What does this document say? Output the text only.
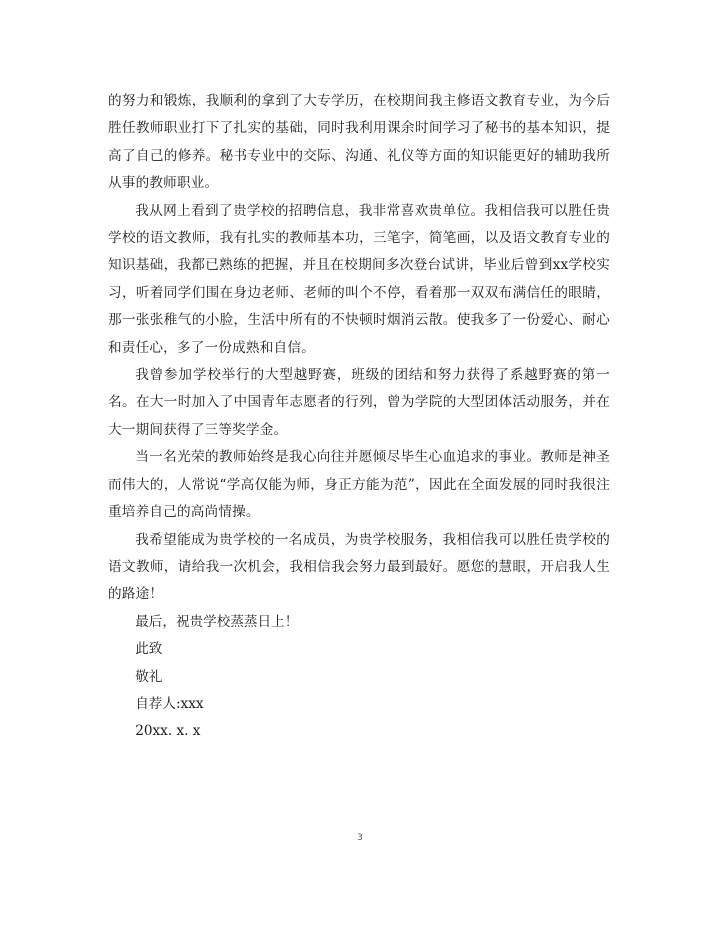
的努力和锻炼，我顺利的拿到了大专学历，在校期间我主修语文教育专业，为今后胜任教师职业打下了扎实的基础，同时我利用课余时间学习了秘书的基本知识，提高了自己的修养。秘书专业中的交际、沟通、礼仪等方面的知识能更好的辅助我所从事的教师职业。

我从网上看到了贵学校的招聘信息，我非常喜欢贵单位。我相信我可以胜任贵学校的语文教师，我有扎实的教师基本功，三笔字，简笔画，以及语文教育专业的知识基础，我都已熟练的把握，并且在校期间多次登台试讲，毕业后曾到xx学校实习，听着同学们围在身边老师、老师的叫个不停，看着那一双双布满信任的眼睛，那一张张稚气的小脸，生活中所有的不快顿时烟消云散。使我多了一份爱心、耐心和责任心，多了一份成熟和自信。

我曾参加学校举行的大型越野赛，班级的团结和努力获得了系越野赛的第一名。在大一时加入了中国青年志愿者的行列，曾为学院的大型团体活动服务，并在大一期间获得了三等奖学金。

当一名光荣的教师始终是我心向往并愿倾尽毕生心血追求的事业。教师是神圣而伟大的，人常说“学高仅能为师，身正方能为范”，因此在全面发展的同时我很注重培养自己的高尚情操。

我希望能成为贵学校的一名成员，为贵学校服务，我相信我可以胜任贵学校的语文教师，请给我一次机会，我相信我会努力最到最好。愿您的慧眼，开启我人生的路途！

最后，祝贵学校蒸蒸日上！

此致

敬礼

自荐人:xxx

20xx. x. x

3
